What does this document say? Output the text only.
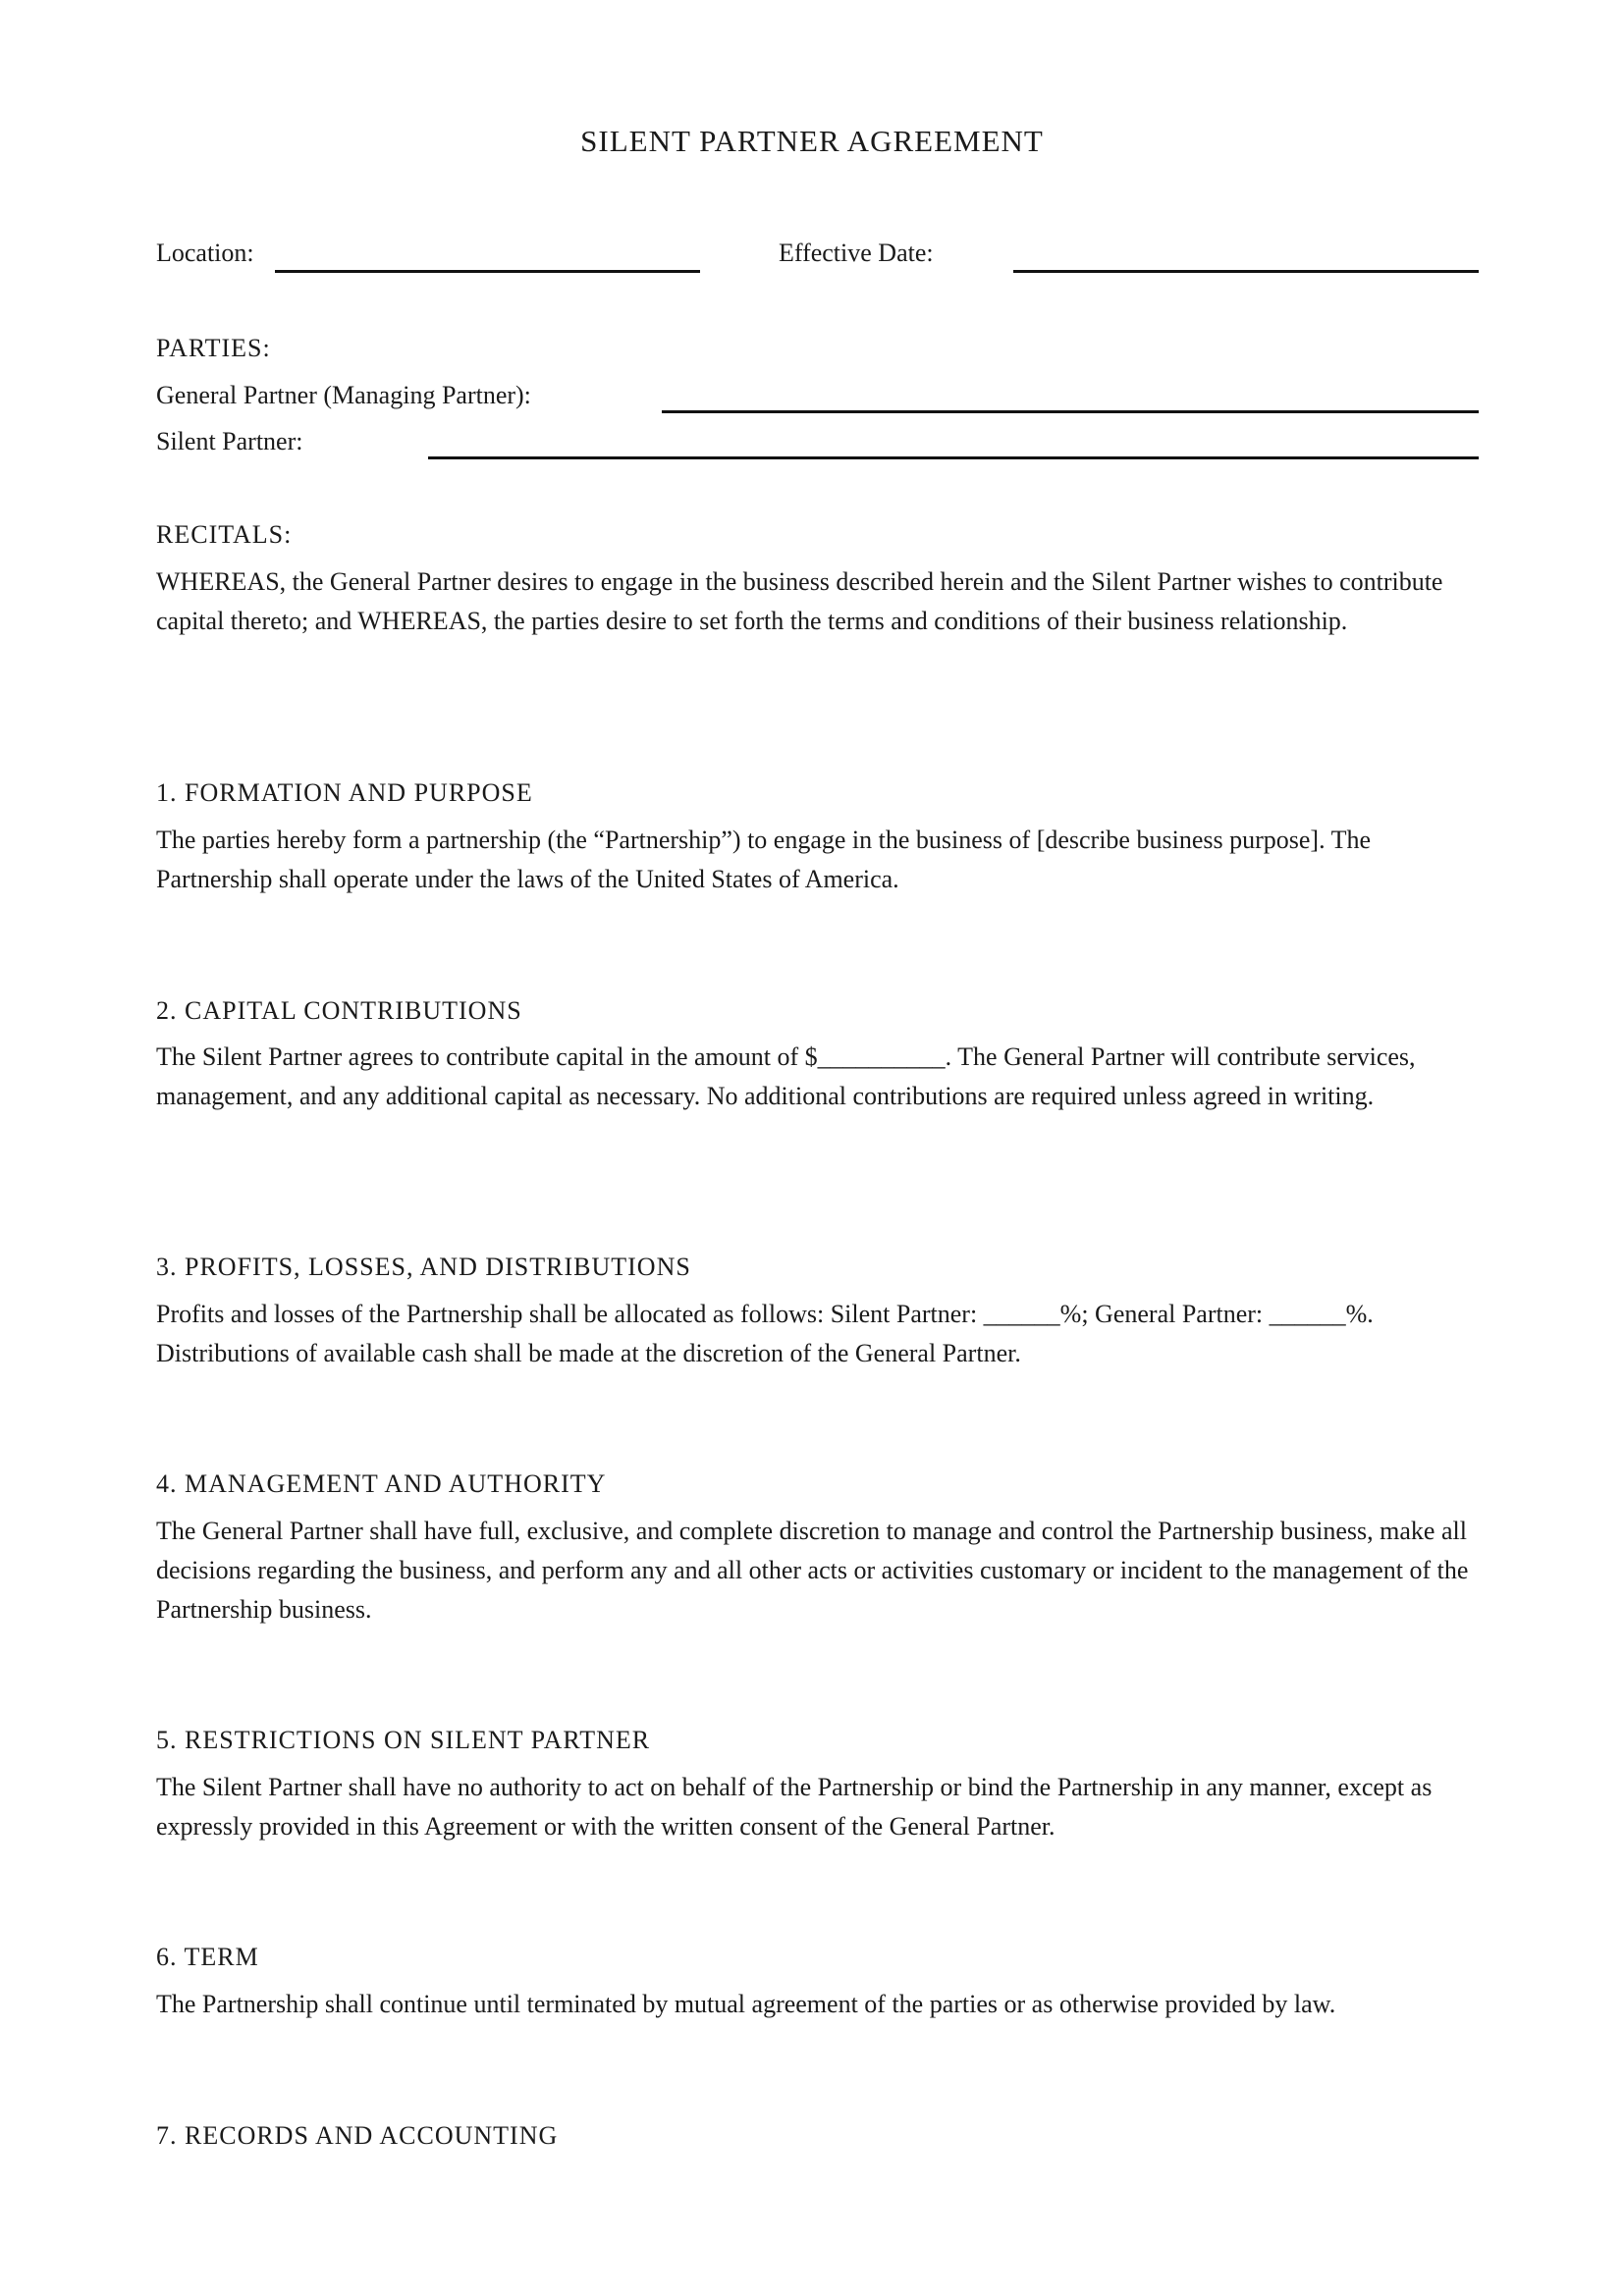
SILENT PARTNER AGREEMENT
Location:	Effective Date:
PARTIES:
General Partner (Managing Partner):
Silent Partner:
RECITALS:

WHEREAS, the General Partner desires to engage in the business described herein and the Silent Partner wishes to contribute capital thereto; and WHEREAS, the parties desire to set forth the terms and conditions of their business relationship.

1. FORMATION AND PURPOSE

The parties hereby form a partnership (the “Partnership”) to engage in the business of [describe business purpose]. The Partnership shall operate under the laws of the United States of America.

2. CAPITAL CONTRIBUTIONS

The Silent Partner agrees to contribute capital in the amount of $__________. The General Partner will contribute services, management, and any additional capital as necessary. No additional contributions are required unless agreed in writing.

3. PROFITS, LOSSES, AND DISTRIBUTIONS

Profits and losses of the Partnership shall be allocated as follows: Silent Partner: ______%; General Partner: ______%. Distributions of available cash shall be made at the discretion of the General Partner.

4. MANAGEMENT AND AUTHORITY

The General Partner shall have full, exclusive, and complete discretion to manage and control the Partnership business, make all decisions regarding the business, and perform any and all other acts or activities customary or incident to the management of the Partnership business.

5. RESTRICTIONS ON SILENT PARTNER

The Silent Partner shall have no authority to act on behalf of the Partnership or bind the Partnership in any manner, except as expressly provided in this Agreement or with the written consent of the General Partner.

6. TERM

The Partnership shall continue until terminated by mutual agreement of the parties or as otherwise provided by law.

7. RECORDS AND ACCOUNTING
